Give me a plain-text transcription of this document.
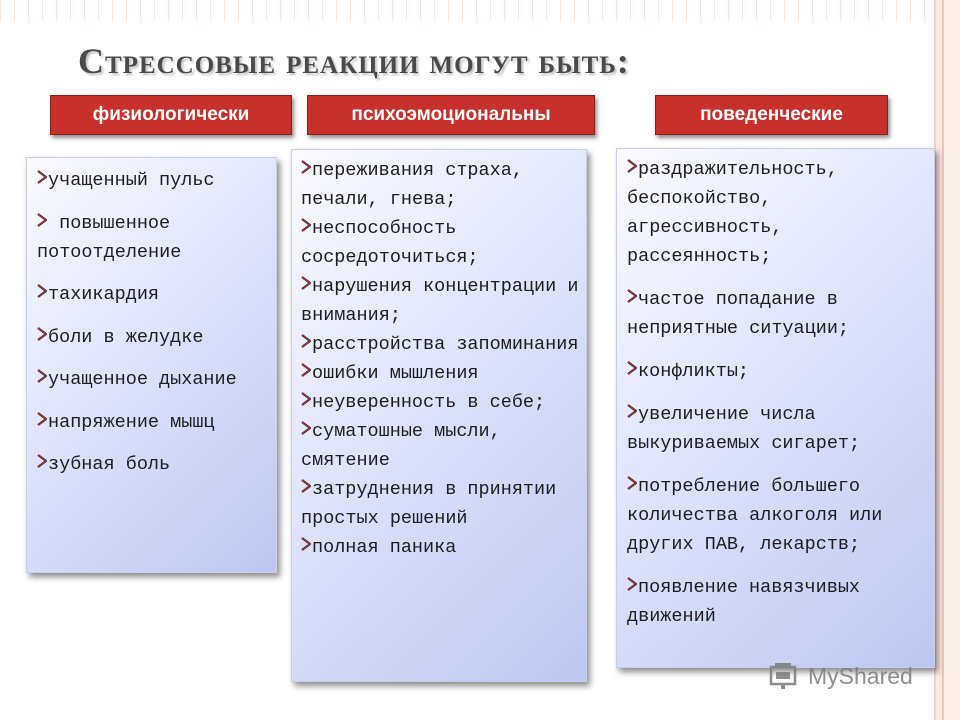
Стрессовые реакции могут быть:
физиологически	психоэмоциональны	поведенческие
учащенный пульс
повышенное потоотделение
тахикардия
боли в желудке
учащенное дыхание
напряжение мышц
зубная боль
переживания страха, печали, гнева;
неспособность сосредоточиться;
нарушения концентрации и внимания;
расстройства запоминания
ошибки мышления
неуверенность в себе;
суматошные мысли, смятение
затруднения в принятии простых решений
полная паника
раздражительность, беспокойство, агрессивность, рассеянность;
частое попадание в неприятные ситуации;
конфликты;
увеличение числа выкуриваемых сигарет;
потребление большего количества алкоголя или других ПАВ, лекарств;
появление навязчивых движений
MyShared
